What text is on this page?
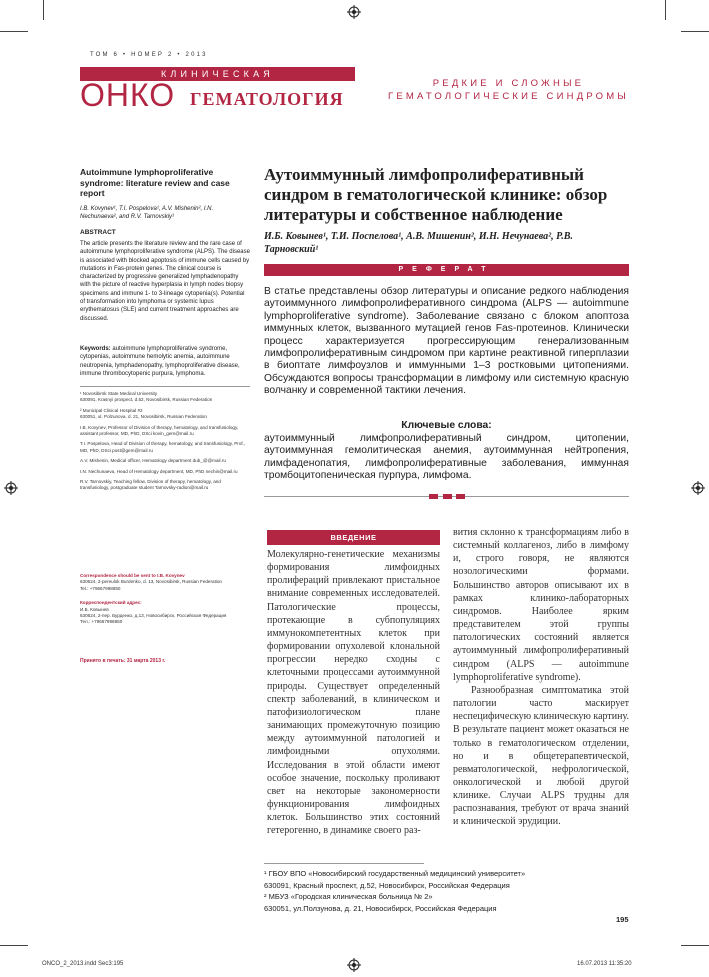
ТОМ 6 • НОМЕР 2 • 2013
КЛИНИЧЕСКАЯ
ОНКО ГЕМАТОЛОГИЯ
РЕДКИЕ И СЛОЖНЫЕ
ГЕМАТОЛОГИЧЕСКИЕ СИНДРОМЫ
Autoimmune lymphoproliferative syndrome: literature review and case report
I.B. Kovynev¹, T.I. Pospelova¹, A.V. Mishenin², I.N. Nechunaeva², and R.V. Tarnovskiy¹
ABSTRACT
The article presents the literature review and the rare case of autoimmune lymphoproliferative syndrome (ALPS). The disease is associated with blocked apoptosis of immune cells caused by mutations in Fas-protein genes. The clinical course is characterized by progressive generalized lymphadenopathy with the picture of reactive hyperplasia in lymph nodes biopsy specimens and immune 1- to 3-lineage cytopenia(s). Potential of transformation into lymphoma or systemic lupus erythematosus (SLE) and current treatment approaches are discussed.
Keywords: autoimmune lymphoproliferative syndrome, cytopenias, autoimmune hemolytic anemia, autoimmune neutropenia, lymphadenopathy, lymphoproliferative disease, immune thrombocytopenic purpura, lymphoma.

¹ Novosibirsk State Medical University
630091, Krasnyi prospect, d.52, Novosibirsk, Russian Federation

² Municipal Clinical Hospital #2
630051, ul. Polzunova, d. 21, Novosibirsk, Russian Federation

I.B. Kovynev, Professor of Division of therapy, hematology, and transfusiology, assistant professor, MD, PhD, DSci kovin_gem@mail.ru

T.I. Pospelova, Head of Division of therapy, hematology, and transfusiology, Prof., MD, PhD, DSci post@gem@mail.ru

A.V. Mishenin, Medical officer, Hematology department dub_@@mail.ru

I.N. Nechunaeva, Head of Hematology department, MD, PhD nechin@mail.ru

R.V. Tarnovskiy, Teaching fellow, Division of therapy, hematology, and transfusiology, postgraduate student Tarnovsky-radion@mail.ru

Correspondence should be sent to I.B. Kovynev
630624, 2-pereulok Burdenko, d. 13, Novosibirsk, Russian Federation
Tel.: +79667998850
Корреспондентский адрес:
И.Б. Ковынев
630624, 2-пер. Бурденко, д.13, Новосибирск, Российская Федерация
Тел.: +79667998850
Принято в печать: 31 марта 2013 г.
Аутоиммунный лимфопролиферативный синдром в гематологической клинике: обзор литературы и собственное наблюдение
И.Б. Ковынев¹, Т.И. Поспелова¹, А.В. Мишенин², И.Н. Нечунаева², Р.В. Тарновский¹
РЕФЕРАТ
В статье представлены обзор литературы и описание редкого наблюдения аутоиммунного лимфопролиферативного синдрома (ALPS — autoimmune lymphoproliferative syndrome). Заболевание связано с блоком апоптоза иммунных клеток, вызванного мутацией генов Fas-протеинов. Клинически процесс характеризуется прогрессирующим генерализованным лимфопролиферативным синдромом при картине реактивной гиперплазии в биоптате лимфоузлов и иммунными 1–3 ростковыми цитопениями. Обсуждаются вопросы трансформации в лимфому или системную красную волчанку и современной тактики лечения.
Ключевые слова:
аутоиммунный лимфопролиферативный синдром, цитопении, аутоиммунная гемолитическая анемия, аутоиммунная нейтропения, лимфаденопатия, лимфопролиферативные заболевания, иммунная тромбоцитопеническая пурпура, лимфома.
ВВЕДЕНИЕ

Молекулярно-генетические механизмы формирования лимфоидных пролифераций привлекают пристальное внимание современных исследователей. Патологические процессы, протекающие в субпопуляциях иммунокомпетентных клеток при формировании опухолевой клональной прогрессии нередко сходны с клеточными процессами аутоиммунной природы. Существует определенный спектр заболеваний, в клиническом и патофизиологическом плане занимающих промежуточную позицию между аутоиммунной патологией и лимфоидными опухолями. Исследования в этой области имеют особое значение, поскольку проливают свет на некоторые закономерности функционирования лимфоидных клеток. Большинство этих состояний гетерогенно, в динамике своего раз-

вития склонно к трансформациям либо в системный коллагеноз, либо в лимфому и, строго говоря, не являются нозологическими формами. Большинство авторов описывают их в рамках клинико-лабораторных синдромов. Наиболее ярким представителем этой группы патологических состояний является аутоиммунный лимфопролиферативный синдром (ALPS — autoimmune lymphoproliferative syndrome).

Разнообразная симптоматика этой патологии часто маскирует неспецифическую клиническую картину. В результате пациент может оказаться не только в гематологическом отделении, но и в общетерапевтической, ревматологической, нефрологической, онкологической и любой другой клинике. Случаи ALPS трудны для распознавания, требуют от врача знаний и клинической эрудиции.

¹ ГБОУ ВПО «Новосибирский государственный медицинский университет»
630091, Красный проспект, д.52, Новосибирск, Российская Федерация
² МБУЗ «Городская клиническая больница № 2»
630051, ул.Ползунова, д. 21, Новосибирск, Российская Федерация
195
ONCO_2_2013.indd Sec3:195	16.07.2013 11:35:20
